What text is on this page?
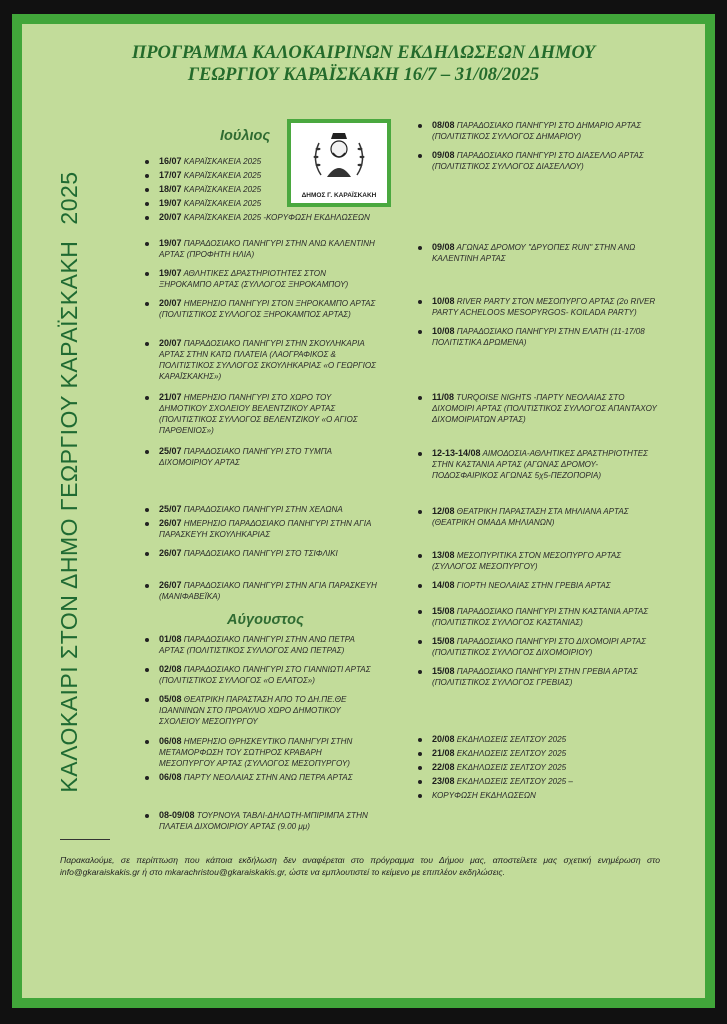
ΠΡΟΓΡΑΜΜΑ ΚΑΛΟΚΑΙΡΙΝΩΝ ΕΚΔΗΛΩΣΕΩΝ ΔΗΜΟΥ
ΓΕΩΡΓΙΟΥ ΚΑΡΑΪΣΚΑΚΗ 16/7 – 31/08/2025
ΚΑΛΟΚΑΙΡΙ ΣΤΟΝ ΔΗΜΟ ΓΕΩΡΓΙΟΥ ΚΑΡΑΪΣΚΑΚΗ2025
Ιούλιος
Αύγουστος
ΔΗΜΟΣ Γ. ΚΑΡΑΪΣΚΑΚΗ
16/07 ΚΑΡΑΪΣΚΑΚΕΙΑ 2025
17/07 ΚΑΡΑΪΣΚΑΚΕΙΑ 2025
18/07 ΚΑΡΑΪΣΚΑΚΕΙΑ 2025
19/07 ΚΑΡΑΪΣΚΑΚΕΙΑ 2025
20/07 ΚΑΡΑΪΣΚΑΚΕΙΑ 2025 -ΚΟΡΥΦΩΣΗ ΕΚΔΗΛΩΣΕΩΝ
19/07 ΠΑΡΑΔΟΣΙΑΚΟ ΠΑΝΗΓΥΡΙ ΣΤΗΝ ΑΝΩ ΚΑΛΕΝΤΙΝΗ ΑΡΤΑΣ (ΠΡΟΦΗΤΗ ΗΛΙΑ)
19/07 ΑΘΛΗΤΙΚΕΣ ΔΡΑΣΤΗΡΙΟΤΗΤΕΣ ΣΤΟΝ ΞΗΡΟΚΑΜΠΟ ΑΡΤΑΣ (ΣΥΛΛΟΓΟΣ ΞΗΡΟΚΑΜΠΟΥ)
20/07 ΗΜΕΡΗΣΙΟ ΠΑΝΗΓΥΡΙ ΣΤΟΝ ΞΗΡΟΚΑΜΠΟ ΑΡΤΑΣ (ΠΟΛΙΤΙΣΤΙΚΟΣ ΣΥΛΛΟΓΟΣ ΞΗΡΟΚΑΜΠΟΣ ΑΡΤΑΣ)
20/07 ΠΑΡΑΔΟΣΙΑΚΟ ΠΑΝΗΓΥΡΙ ΣΤΗΝ ΣΚΟΥΛΗΚΑΡΙΑ ΑΡΤΑΣ ΣΤΗΝ ΚΑΤΩ ΠΛΑΤΕΙΑ (ΛΑΟΓΡΑΦΙΚΟΣ & ΠΟΛΙΤΙΣΤΙΚΟΣ ΣΥΛΛΟΓΟΣ ΣΚΟΥΛΗΚΑΡΙΑΣ «Ο ΓΕΩΡΓΙΟΣ ΚΑΡΑΪΣΚΑΚΗΣ»)
21/07 ΗΜΕΡΗΣΙΟ ΠΑΝΗΓΥΡΙ ΣΤΟ ΧΩΡΟ ΤΟΥ ΔΗΜΟΤΙΚΟΥ ΣΧΟΛΕΙΟΥ ΒΕΛΕΝΤΖΙΚΟΥ ΑΡΤΑΣ (ΠΟΛΙΤΙΣΤΙΚΟΣ ΣΥΛΛΟΓΟΣ ΒΕΛΕΝΤΖΙΚΟΥ «Ο ΑΓΙΟΣ ΠΑΡΘΕΝΙΟΣ»)
25/07 ΠΑΡΑΔΟΣΙΑΚΟ ΠΑΝΗΓΥΡΙ ΣΤΟ ΤΥΜΠΑ ΔΙΧΟΜΟΙΡΙΟΥ ΑΡΤΑΣ
25/07 ΠΑΡΑΔΟΣΙΑΚΟ ΠΑΝΗΓΥΡΙ ΣΤΗΝ ΧΕΛΩΝΑ
26/07 ΗΜΕΡΗΣΙΟ ΠΑΡΑΔΟΣΙΑΚΟ ΠΑΝΗΓΥΡΙ ΣΤΗΝ ΑΓΙΑ ΠΑΡΑΣΚΕΥΗ ΣΚΟΥΛΗΚΑΡΙΑΣ
26/07 ΠΑΡΑΔΟΣΙΑΚΟ ΠΑΝΗΓΥΡΙ ΣΤΟ ΤΣΙΦΛΙΚΙ
26/07 ΠΑΡΑΔΟΣΙΑΚΟ ΠΑΝΗΓΥΡΙ ΣΤΗΝ ΑΓΙΑ ΠΑΡΑΣΚΕΥΗ (ΜΑΝΙΦΑΒΕΪΚΑ)
01/08 ΠΑΡΑΔΟΣΙΑΚΟ ΠΑΝΗΓΥΡΙ ΣΤΗΝ ΑΝΩ ΠΕΤΡΑ ΑΡΤΑΣ (ΠΟΛΙΤΙΣΤΙΚΟΣ ΣΥΛΛΟΓΟΣ ΑΝΩ ΠΕΤΡΑΣ)
02/08 ΠΑΡΑΔΟΣΙΑΚΟ ΠΑΝΗΓΥΡΙ ΣΤΟ ΓΙΑΝΝΙΩΤΙ ΑΡΤΑΣ (ΠΟΛΙΤΙΣΤΙΚΟΣ ΣΥΛΛΟΓΟΣ «Ο ΕΛΑΤΟΣ»)
05/08 ΘΕΑΤΡΙΚΗ ΠΑΡΑΣΤΑΣΗ ΑΠΟ ΤΟ ΔΗ.ΠΕ.ΘΕ ΙΩΑΝΝΙΝΩΝ ΣΤΟ ΠΡΟΑΥΛΙΟ ΧΩΡΟ ΔΗΜΟΤΙΚΟΥ ΣΧΟΛΕΙΟΥ ΜΕΣΟΠΥΡΓΟΥ
06/08 ΗΜΕΡΗΣΙΟ ΘΡΗΣΚΕΥΤΙΚΟ ΠΑΝΗΓΥΡΙ ΣΤΗΝ ΜΕΤΑΜΟΡΦΩΣΗ ΤΟΥ ΣΩΤΗΡΟΣ ΚΡΑΒΑΡΗ ΜΕΣΟΠΥΡΓΟΥ ΑΡΤΑΣ (ΣΥΛΛΟΓΟΣ ΜΕΣΟΠΥΡΓΟΥ)
06/08 ΠΑΡΤΥ ΝΕΟΛΑΙΑΣ ΣΤΗΝ ΑΝΩ ΠΕΤΡΑ ΑΡΤΑΣ
08-09/08 ΤΟΥΡΝΟΥΑ ΤΑΒΛΙ-ΔΗΛΩΤΗ-ΜΠΙΡΙΜΠΑ ΣΤΗΝ ΠΛΑΤΕΙΑ ΔΙΧΟΜΟΙΡΙΟΥ ΑΡΤΑΣ (9.00 μμ)
08/08 ΠΑΡΑΔΟΣΙΑΚΟ ΠΑΝΗΓΥΡΙ ΣΤΟ ΔΗΜΑΡΙΟ ΑΡΤΑΣ (ΠΟΛΙΤΙΣΤΙΚΟΣ ΣΥΛΛΟΓΟΣ ΔΗΜΑΡΙΟΥ)
09/08 ΠΑΡΑΔΟΣΙΑΚΟ ΠΑΝΗΓΥΡΙ ΣΤΟ ΔΙΑΣΕΛΛΟ ΑΡΤΑΣ (ΠΟΛΙΤΙΣΤΙΚΟΣ ΣΥΛΛΟΓΟΣ ΔΙΑΣΕΛΛΟΥ)
09/08 ΑΓΩΝΑΣ ΔΡΟΜΟΥ "ΔΡΥΟΠΕΣ RUN" ΣΤΗΝ ΑΝΩ ΚΑΛΕΝΤΙΝΗ ΑΡΤΑΣ
10/08 RIVER PARTY ΣΤΟΝ ΜΕΣΟΠΥΡΓΟ ΑΡΤΑΣ (2ο RIVER PARTY ACHELOOS MESOPYRGOS- KOILADA PARTY)
10/08 ΠΑΡΑΔΟΣΙΑΚΟ ΠΑΝΗΓΥΡΙ ΣΤΗΝ ΕΛΑΤΗ (11-17/08 ΠΟΛΙΤΙΣΤΙΚΑ ΔΡΩΜΕΝΑ)
11/08 TURQOISE NIGHTS -ΠΑΡΤΥ ΝΕΟΛΑΙΑΣ ΣΤΟ ΔΙΧΟΜΟΙΡΙ ΑΡΤΑΣ (ΠΟΛΙΤΙΣΤΙΚΟΣ ΣΥΛΛΟΓΟΣ ΑΠΑΝΤΑΧΟΥ ΔΙΧΟΜΟΙΡΙΑΤΩΝ ΑΡΤΑΣ)
12-13-14/08 ΑΙΜΟΔΟΣΙΑ-ΑΘΛΗΤΙΚΕΣ ΔΡΑΣΤΗΡΙΟΤΗΤΕΣ ΣΤΗΝ ΚΑΣΤΑΝΙΑ ΑΡΤΑΣ (ΑΓΩΝΑΣ ΔΡΟΜΟΥ-ΠΟΔΟΣΦΑΙΡΙΚΟΣ ΑΓΩΝΑΣ 5χ5-ΠΕΖΟΠΟΡΙΑ)
12/08 ΘΕΑΤΡΙΚΗ ΠΑΡΑΣΤΑΣΗ ΣΤΑ ΜΗΛΙΑΝΑ ΑΡΤΑΣ (ΘΕΑΤΡΙΚΗ ΟΜΑΔΑ ΜΗΛΙΑΝΩΝ)
13/08 ΜΕΣΟΠΥΡΙΤΙΚΑ ΣΤΟΝ ΜΕΣΟΠΥΡΓΟ ΑΡΤΑΣ (ΣΥΛΛΟΓΟΣ ΜΕΣΟΠΥΡΓΟΥ)
14/08 ΓΙΟΡΤΗ ΝΕΟΛΑΙΑΣ ΣΤΗΝ ΓΡΕΒΙΑ ΑΡΤΑΣ
15/08 ΠΑΡΑΔΟΣΙΑΚΟ ΠΑΝΗΓΥΡΙ ΣΤΗΝ ΚΑΣΤΑΝΙΑ ΑΡΤΑΣ (ΠΟΛΙΤΙΣΤΙΚΟΣ ΣΥΛΛΟΓΟΣ ΚΑΣΤΑΝΙΑΣ)
15/08 ΠΑΡΑΔΟΣΙΑΚΟ ΠΑΝΗΓΥΡΙ ΣΤΟ ΔΙΧΟΜΟΙΡΙ ΑΡΤΑΣ (ΠΟΛΙΤΙΣΤΙΚΟΣ ΣΥΛΛΟΓΟΣ ΔΙΧΟΜΟΙΡΙΟΥ)
15/08 ΠΑΡΑΔΟΣΙΑΚΟ ΠΑΝΗΓΥΡΙ ΣΤΗΝ ΓΡΕΒΙΑ ΑΡΤΑΣ (ΠΟΛΙΤΙΣΤΙΚΟΣ ΣΥΛΛΟΓΟΣ ΓΡΕΒΙΑΣ)
20/08 ΕΚΔΗΛΩΣΕΙΣ ΣΕΛΤΣΟΥ 2025
21/08 ΕΚΔΗΛΩΣΕΙΣ ΣΕΛΤΣΟΥ 2025
22/08 ΕΚΔΗΛΩΣΕΙΣ ΣΕΛΤΣΟΥ 2025
23/08 ΕΚΔΗΛΩΣΕΙΣ ΣΕΛΤΣΟΥ 2025 –
ΚΟΡΥΦΩΣΗ ΕΚΔΗΛΩΣΕΩΝ
Παρακαλούμε, σε περίπτωση που κάποια εκδήλωση δεν αναφέρεται στο πρόγραμμα του Δήμου μας, αποστείλετε μας σχετική ενημέρωση στο info@gkaraiskakis.gr ή στο mkarachristou@gkaraiskakis.gr, ώστε να εμπλουτιστεί το κείμενο με επιπλέον εκδηλώσεις.
